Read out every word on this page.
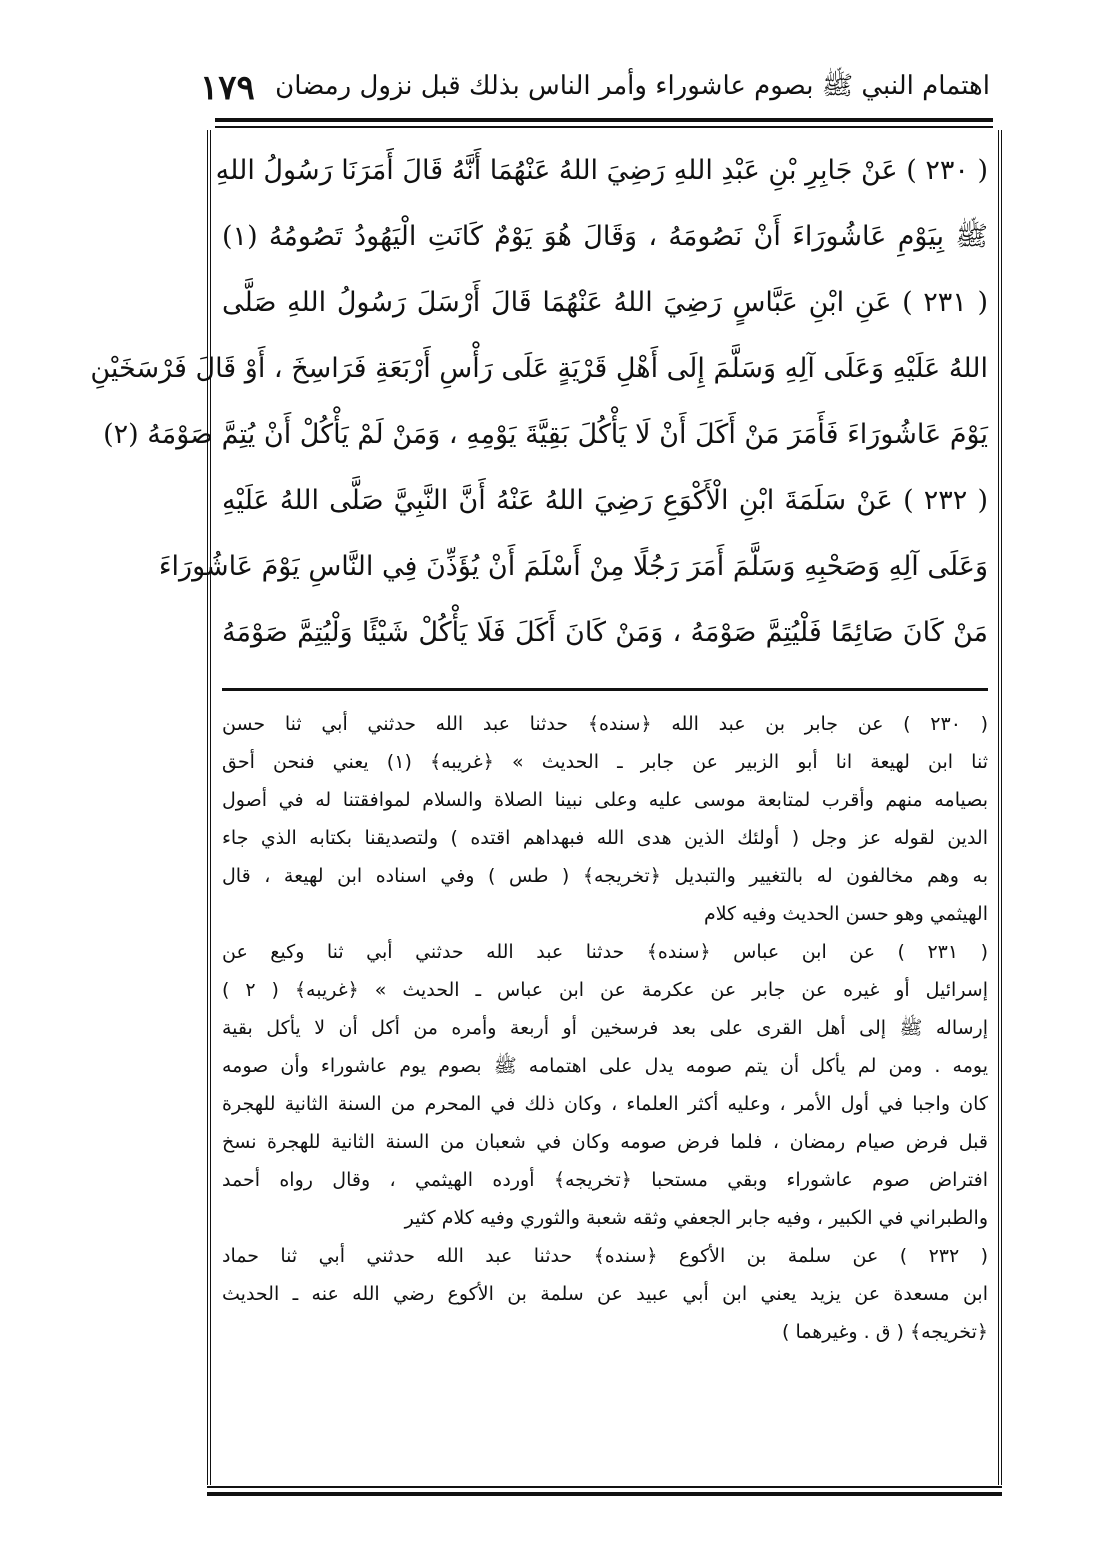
اهتمام النبي ﷺ بصوم عاشوراء وأمر الناس بذلك قبل نزول رمضان
١٧٩
( ٢٣٠ ) عَنْ جَابِرِ بْنِ عَبْدِ اللهِ رَضِيَ اللهُ عَنْهُمَا أَنَّهُ قَالَ أَمَرَنَا رَسُولُ اللهِ
ﷺ بِيَوْمِ عَاشُورَاءَ أَنْ نَصُومَهُ ، وَقَالَ هُوَ يَوْمٌ كَانَتِ الْيَهُودُ تَصُومُهُ (١)
( ٢٣١ ) عَنِ ابْنِ عَبَّاسٍ رَضِيَ اللهُ عَنْهُمَا قَالَ أَرْسَلَ رَسُولُ اللهِ صَلَّى
اللهُ عَلَيْهِ وَعَلَى آلِهِ وَسَلَّمَ إِلَى أَهْلِ قَرْيَةٍ عَلَى رَأْسِ أَرْبَعَةِ فَرَاسِخَ ، أَوْ قَالَ فَرْسَخَيْنِ
يَوْمَ عَاشُورَاءَ فَأَمَرَ مَنْ أَكَلَ أَنْ لَا يَأْكُلَ بَقِيَّةَ يَوْمِهِ ، وَمَنْ لَمْ يَأْكُلْ أَنْ يُتِمَّ صَوْمَهُ (٢)
( ٢٣٢ ) عَنْ سَلَمَةَ ابْنِ الْأَكْوَعِ رَضِيَ اللهُ عَنْهُ أَنَّ النَّبِيَّ صَلَّى اللهُ عَلَيْهِ
وَعَلَى آلِهِ وَصَحْبِهِ وَسَلَّمَ أَمَرَ رَجُلًا مِنْ أَسْلَمَ أَنْ يُؤَذِّنَ فِي النَّاسِ يَوْمَ عَاشُورَاءَ
مَنْ كَانَ صَائِمًا فَلْيُتِمَّ صَوْمَهُ ، وَمَنْ كَانَ أَكَلَ فَلَا يَأْكُلْ شَيْئًا وَلْيُتِمَّ صَوْمَهُ
( ٢٣٠ ) عن جابر بن عبد الله ﴿سنده﴾ حدثنا عبد الله حدثني أبي ثنا حسن
ثنا ابن لهيعة انا أبو الزبير عن جابر ـ الحديث » ﴿غريبه﴾ (١) يعني فنحن أحق
بصيامه منهم وأقرب لمتابعة موسى عليه وعلى نبينا الصلاة والسلام لموافقتنا له في أصول
الدين لقوله عز وجل ( أولئك الذين هدى الله فبهداهم اقتده ) ولتصديقنا بكتابه الذي جاء
به وهم مخالفون له بالتغيير والتبديل ﴿تخريجه﴾ ( طس ) وفي اسناده ابن لهيعة ، قال
الهيثمي وهو حسن الحديث وفيه كلام
( ٢٣١ ) عن ابن عباس ﴿سنده﴾ حدثنا عبد الله حدثني أبي ثنا وكيع عن
إسرائيل أو غيره عن جابر عن عكرمة عن ابن عباس ـ الحديث » ﴿غريبه﴾ ( ٢ )
إرساله ﷺ إلى أهل القرى على بعد فرسخين أو أربعة وأمره من أكل أن لا يأكل بقية
يومه . ومن لم يأكل أن يتم صومه يدل على اهتمامه ﷺ بصوم يوم عاشوراء وأن صومه
كان واجبا في أول الأمر ، وعليه أكثر العلماء ، وكان ذلك في المحرم من السنة الثانية للهجرة
قبل فرض صيام رمضان ، فلما فرض صومه وكان في شعبان من السنة الثانية للهجرة نسخ
افتراض صوم عاشوراء وبقي مستحبا ﴿تخريجه﴾ أورده الهيثمي ، وقال رواه أحمد
والطبراني في الكبير ، وفيه جابر الجعفي وثقه شعبة والثوري وفيه كلام كثير
( ٢٣٢ ) عن سلمة بن الأكوع ﴿سنده﴾ حدثنا عبد الله حدثني أبي ثنا حماد
ابن مسعدة عن يزيد يعني ابن أبي عبيد عن سلمة بن الأكوع رضي الله عنه ـ الحديث
﴿تخريجه﴾ ( ق . وغيرهما )
